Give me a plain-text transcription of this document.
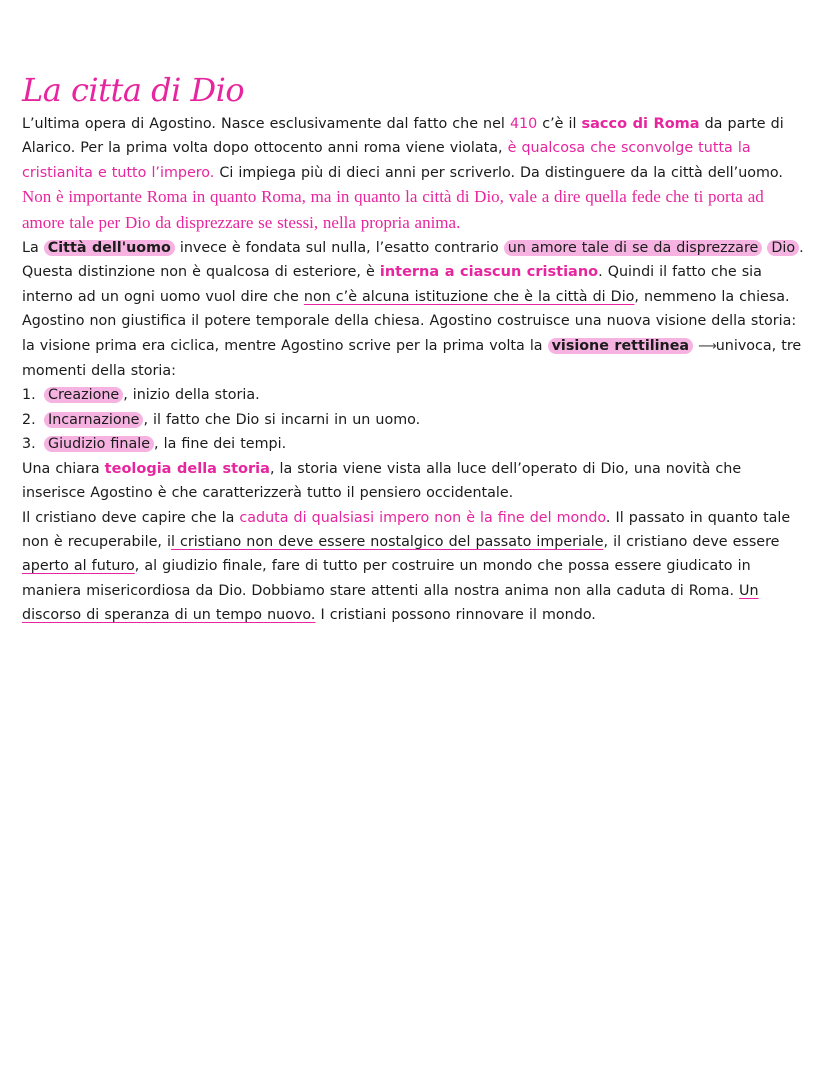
La citta di Dio

L’ultima opera di Agostino. Nasce esclusivamente dal fatto che nel 410 c’è il sacco di Roma da parte di Alarico. Per la prima volta dopo ottocento anni roma viene violata, è qualcosa che sconvolge tutta la cristianita e tutto l’impero. Ci impiega più di dieci anni per scriverlo. Da distinguere da la città dell’uomo. Non è importante Roma in quanto Roma, ma in quanto la città di Dio, vale a dire quella fede che ti porta ad amore tale per Dio da disprezzare se stessi, nella propria anima.

La Città dell'uomo invece è fondata sul nulla, l’esatto contrario un amore tale di se da disprezzare Dio . Questa distinzione non è qualcosa di esteriore, è interna a ciascun cristiano. Quindi il fatto che sia interno ad un ogni uomo vuol dire che non c’è alcuna istituzione che è la città di Dio, nemmeno la chiesa. Agostino non giustifica il potere temporale della chiesa. Agostino costruisce una nuova visione della storia: la visione prima era ciclica, mentre Agostino scrive per la prima volta la visione rettilinea ⟶univoca, tre momenti della storia:

1. Creazione , inizio della storia.

2. Incarnazione , il fatto che Dio si incarni in un uomo.

3. Giudizio finale , la fine dei tempi.

Una chiara teologia della storia, la storia viene vista alla luce dell’operato di Dio, una novità che inserisce Agostino è che caratterizzerà tutto il pensiero occidentale.

Il cristiano deve capire che la caduta di qualsiasi impero non è la fine del mondo. Il passato in quanto tale non è recuperabile, il cristiano non deve essere nostalgico del passato imperiale, il cristiano deve essere aperto al futuro, al giudizio finale, fare di tutto per costruire un mondo che possa essere giudicato in maniera misericordiosa da Dio. Dobbiamo stare attenti alla nostra anima non alla caduta di Roma. Un discorso di speranza di un tempo nuovo. I cristiani possono rinnovare il mondo.
